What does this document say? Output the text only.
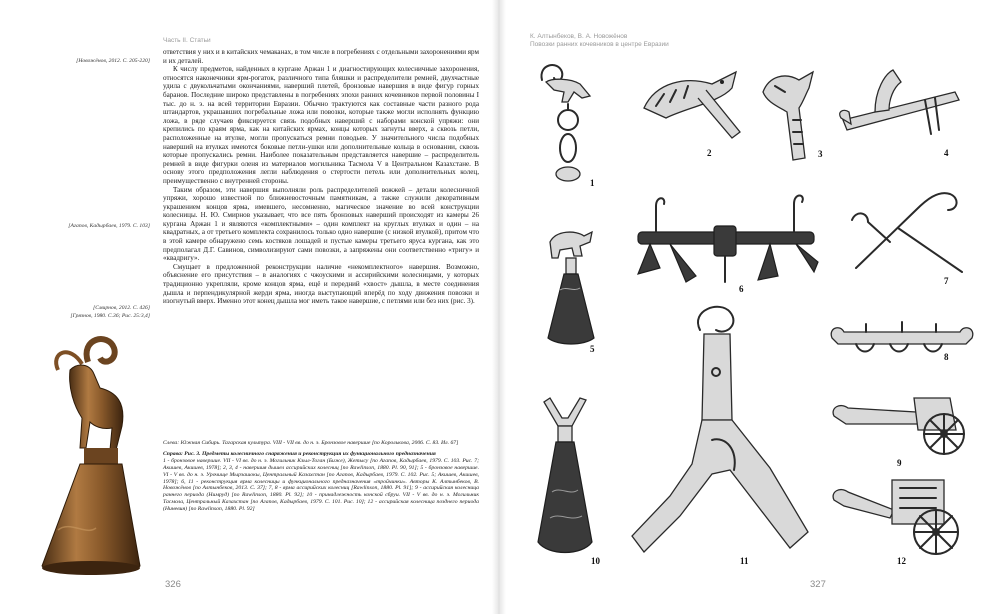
Часть II. Статьи
[Новожёнов, 2012. С. 205-220]
[Агапов, Кадырбаев, 1979. С. 103]
[Смирнов, 2012. С. 426]
[Грязнов, 1980. С.36; Рис. 25:3,4]

ответствия у них и в китайских чемаканах, в том числе в погребениях с отдельными захоронениями ярм и их деталей.

К числу предметов, найденных в кургане Аржан 1 и диагностирующих колесничные захоронения, относятся наконечники ярм-рогаток, различного типа бляшки и распределители ремней, двухчастные удила с двукольчатыми окончаниями, наверший плетей, бронзовые навершия в виде фигур горных баранов. Последние широко представлены в погребениях эпохи ранних кочевников первой половины I тыс. до н. э. на всей территории Евразии. Обычно трактуются как составные части разного рода штандартов, украшавших погребальные ложа или повозки, которые также могли исполнять функцию ложа, в ряде случаев фиксируется связь подобных наверший с наборами конской упряжи: они крепились по краям ярма, как на китайских ярмах, концы которых загнуты вверх, а сквозь петли, расположенные на втулке, могли пропускаться ремни поводьев. У значительного числа подобных наверший на втулках имеются боковые петли-ушки или дополнительные кольца в основании, сквозь которые пропускались ремни. Наиболее показательным представляется навершие – распределитель ремней в виде фигурки оленя из материалов могильника Тасмола V в Центральном Казахстане. В основу этого предположения легли наблюдения о стертости петель или дополнительных колец, преимущественно с внутренней стороны.

Таким образом, эти навершия выполняли роль распределителей вожжей – детали колесничной упряжи, хорошо известной по ближневосточным памятникам, а также служили декоративным украшением концов ярма, имевшего, несомненно, магическое значение во всей конструкции колесницы. Н. Ю. Смирнов указывает, что все пять бронзовых наверший происходят из камеры 26 кургана Аржан 1 и являются «комплектными» – один комплект на круглых втулках и один – на квадратных, а от третьего комплекта сохранилось только одно навершие (с низкой втулкой), притом что в этой камере обнаружено семь костяков лошадей и пустые камеры третьего яруса кургана, как это предполагал Д.Г. Савинов, символизируют сами повозки, а запряжены они соответственно «тригу» и «квадригу».

Смущает в предложенной реконструкции наличие «некомплектного» навершия. Возможно, объяснение его присутствия – в аналогиях с чжоускими и ассирийскими колесницами, у которых традиционно укрепляли, кроме концов ярма, ещё и передний «хвост» дышла, в месте соединения дышла и перпендикулярной жерди ярма, иногда выступающий вперёд по ходу движения повозки и изогнутый вверх. Именно этот конец дышла мог иметь такое навершие, с петлями или без них (рис. 3).

Слева: Южная Сибирь. Тагарская культура. VIII - VII вв. до н. э. Бронзовое навершие [по Корольковa, 2006. С. 83. Ил. 67]

Справа: Рис. 3. Предметы колесничного снаряжения и реконструкция их функционального предназначения
1 - бронзовое навершие. VII - VI вв. до н. э. Могильник Кзыл-Тоган (Бижe), Жетысу [по Агапов, Кадырбаев, 1979. С. 103. Рис. 7; Акишев, Акишев, 1978]; 2, 3, 4 - навершия дышел ассирийских колесниц [по Rawlinson, 1880. Pl. 90, 91]; 5 - бронзовое навершие. VI - V вв. до н. э. Урочище Мырзашокы, Центральный Казахстан [по Агапов, Кадырбаев, 1979. С. 102. Рис. 5; Акишев, Акишев, 1978]; 6, 11 - реконструкция ярма колесницы и функционального предназначения «тройчинки». Авторы К. Алтынбеков, В. Новожёнов [по Алтынбеков, 2013. С. 37]; 7, 8 - ярма ассирийских колесниц [Rawlinson, 1880. Pl. 91]; 9 - ассирийская колесница раннего периода (Нимруд) [по Rawlinson, 1880. Pl. 92]; 10 - принадлежность конской сбруи. VII - V вв. до н. э. Могильник Тасмола, Центральный Казахстан [по Агапов, Кадырбаев, 1979. С. 101. Рис. 10]; 12 - ассирийская колесница позднего периода (Ниневия) [по Rawlinson, 1880. Pl. 92]

326
К. Алтынбеков, В. А. Новожёнов
Повозки ранних кочевников в центре Евразии
1
2	3	4
5
6
7
8
9
10	11	12
327
